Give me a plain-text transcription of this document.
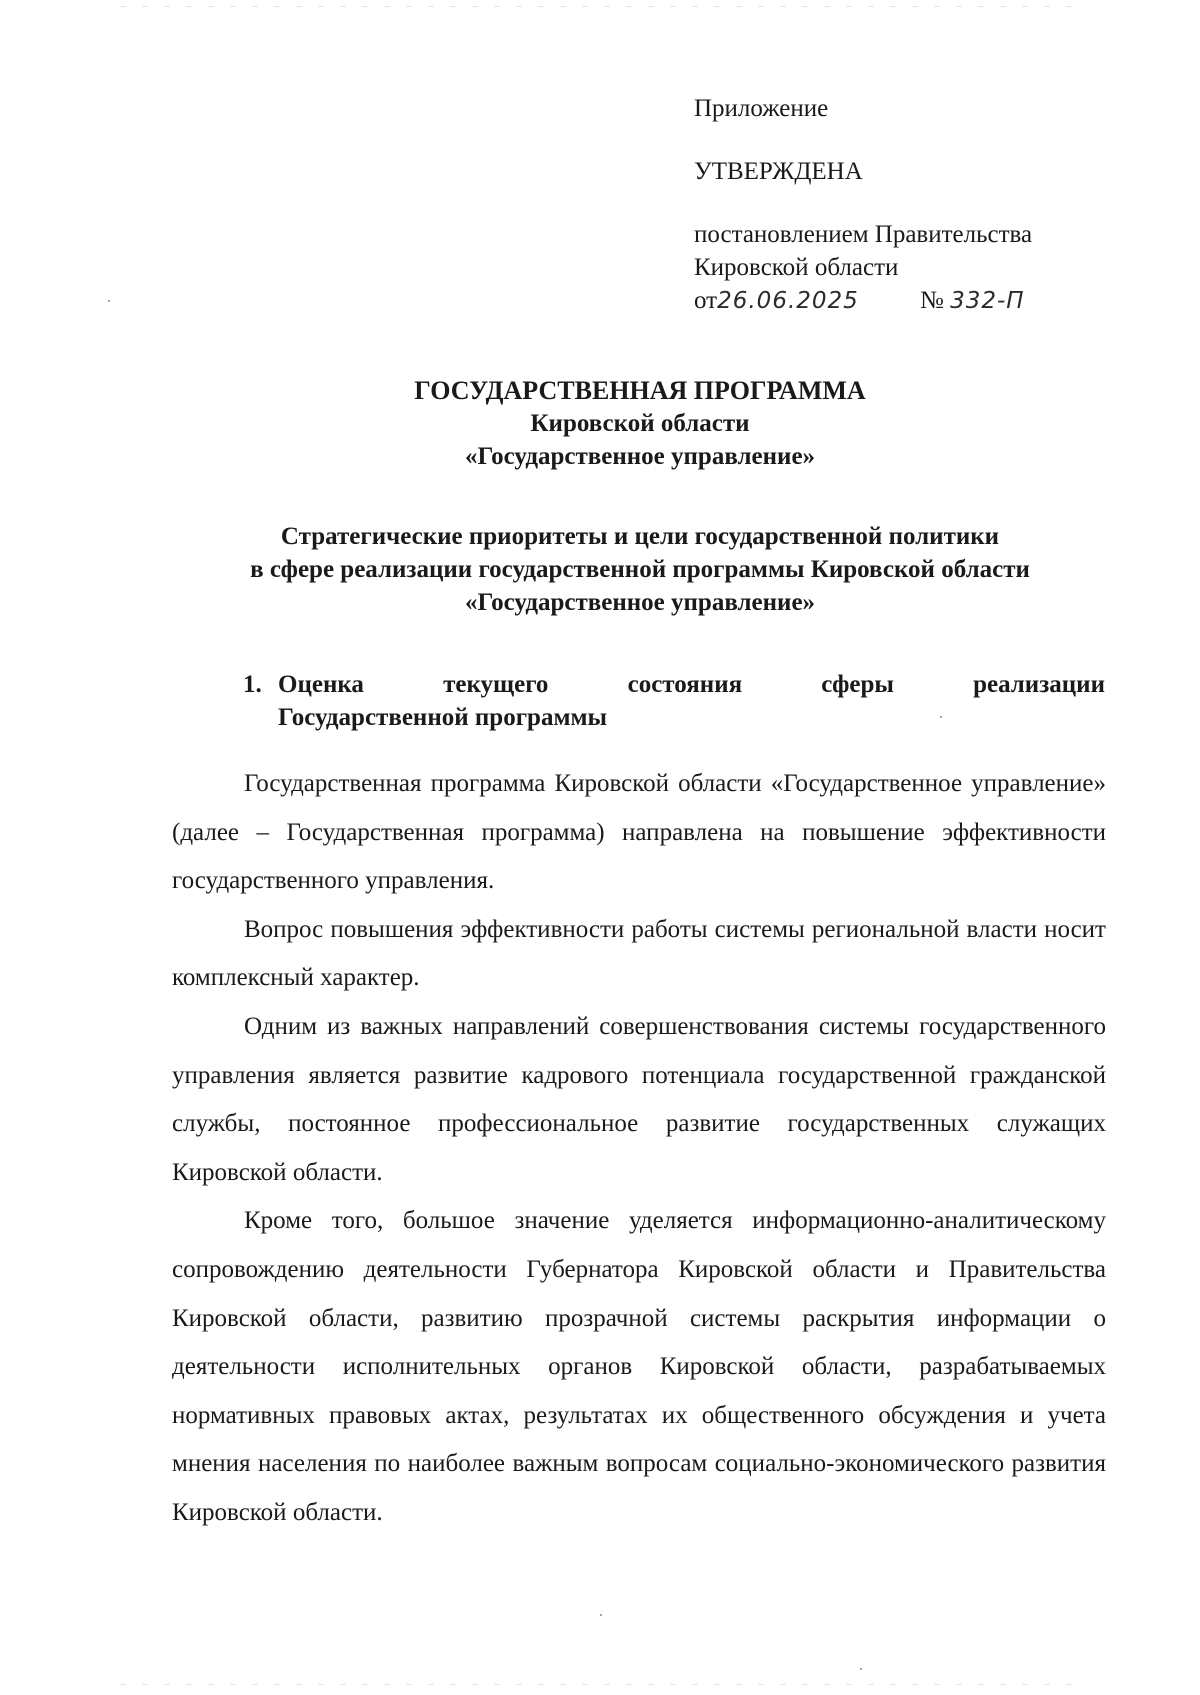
Приложение
УТВЕРЖДЕНА
постановлением Правительства
Кировской области
от26.06.2025 № 332-П
ГОСУДАРСТВЕННАЯ ПРОГРАММА
Кировской области
«Государственное управление»
Стратегические приоритеты и цели государственной политики
в сфере реализации государственной программы Кировской области
«Государственное управление»
1. Оценка	текущего	состояния	сферы	реализации
Государственной программы

Государственная программа Кировской области «Государственное управление» (далее – Государственная программа) направлена на повышение эффективности государственного управления.

Вопрос повышения эффективности работы системы региональной власти носит комплексный характер.

Одним из важных направлений совершенствования системы государственного управления является развитие кадрового потенциала государственной гражданской службы, постоянное профессиональное развитие государственных служащих Кировской области.

Кроме того, большое значение уделяется информационно-аналитическому сопровождению деятельности Губернатора Кировской области и Правительства Кировской области, развитию прозрачной системы раскрытия информации о деятельности исполнительных органов Кировской области, разрабатываемых нормативных правовых актах, результатах их общественного обсуждения и учета мнения населения по наиболее важным вопросам социально-экономического развития Кировской области.
